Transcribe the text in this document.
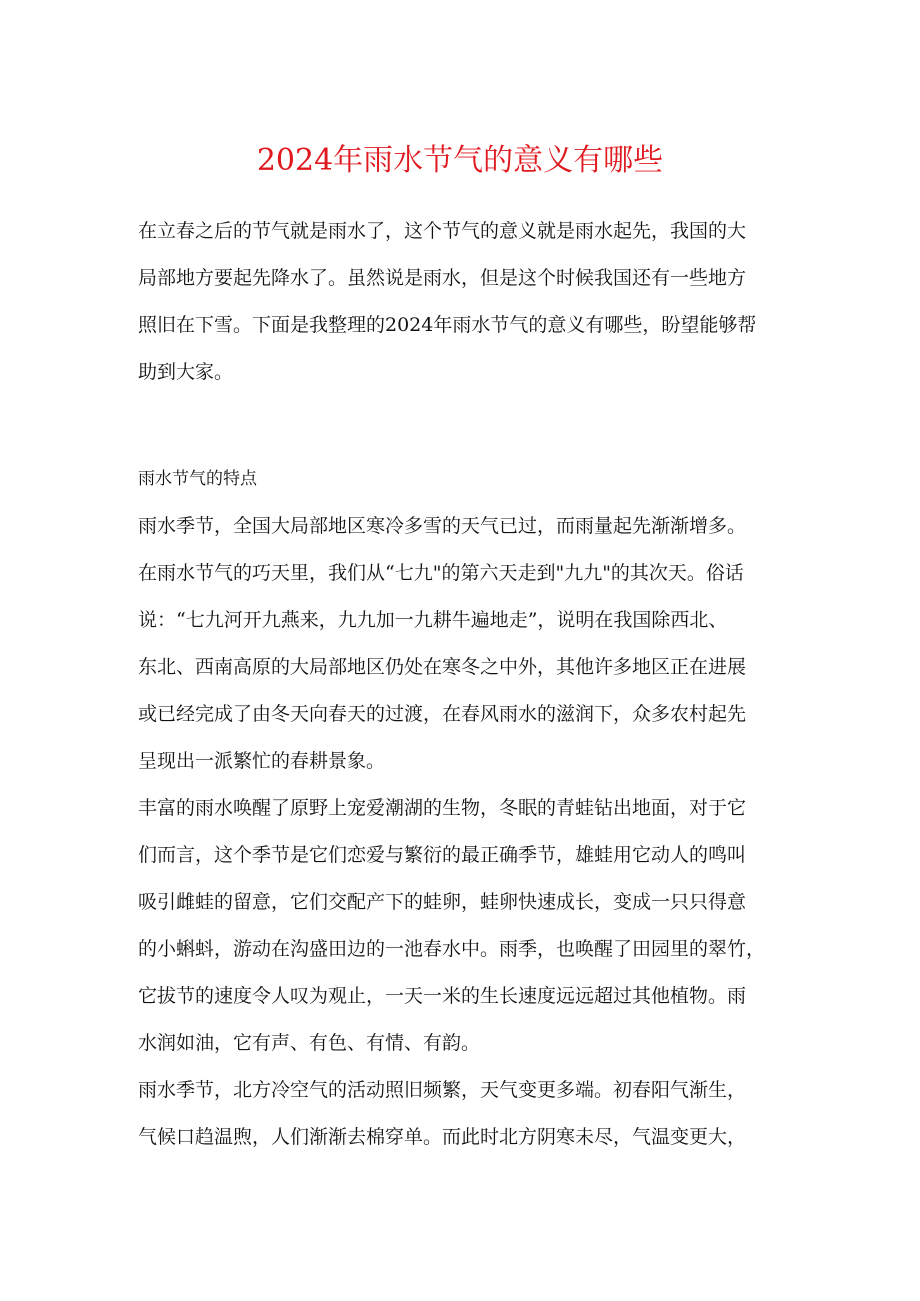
2024年雨水节气的意义有哪些
在立春之后的节气就是雨水了，这个节气的意义就是雨水起先，我国的大
局部地方要起先降水了。虽然说是雨水，但是这个时候我国还有一些地方
照旧在下雪。下面是我整理的2024年雨水节气的意义有哪些，盼望能够帮
助到大家。
雨水节气的特点
雨水季节，全国大局部地区寒冷多雪的天气已过，而雨量起先渐渐增多。
在雨水节气的巧天里，我们从“七九"的第六天走到"九九"的其次天。俗话
说：“七九河开九燕来，九九加一九耕牛遍地走”，说明在我国除西北、
东北、西南高原的大局部地区仍处在寒冬之中外，其他许多地区正在进展
或已经完成了由冬天向春天的过渡，在春风雨水的滋润下，众多农村起先
呈现出一派繁忙的春耕景象。
丰富的雨水唤醒了原野上宠爱潮湖的生物，冬眠的青蛙钻出地面，对于它
们而言，这个季节是它们恋爱与繁衍的最正确季节，雄蛙用它动人的鸣叫
吸引雌蛙的留意，它们交配产下的蛙卵，蛙卵快速成长，变成一只只得意
的小蝌蚪，游动在沟盛田边的一池春水中。雨季，也唤醒了田园里的翠竹，
它拔节的速度令人叹为观止，一天一米的生长速度远远超过其他植物。雨
水润如油，它有声、有色、有情、有韵。
雨水季节，北方冷空气的活动照旧频繁，天气变更多端。初春阳气渐生，
气候口趋温煦，人们渐渐去棉穿单。而此时北方阴寒未尽，气温变更大，
